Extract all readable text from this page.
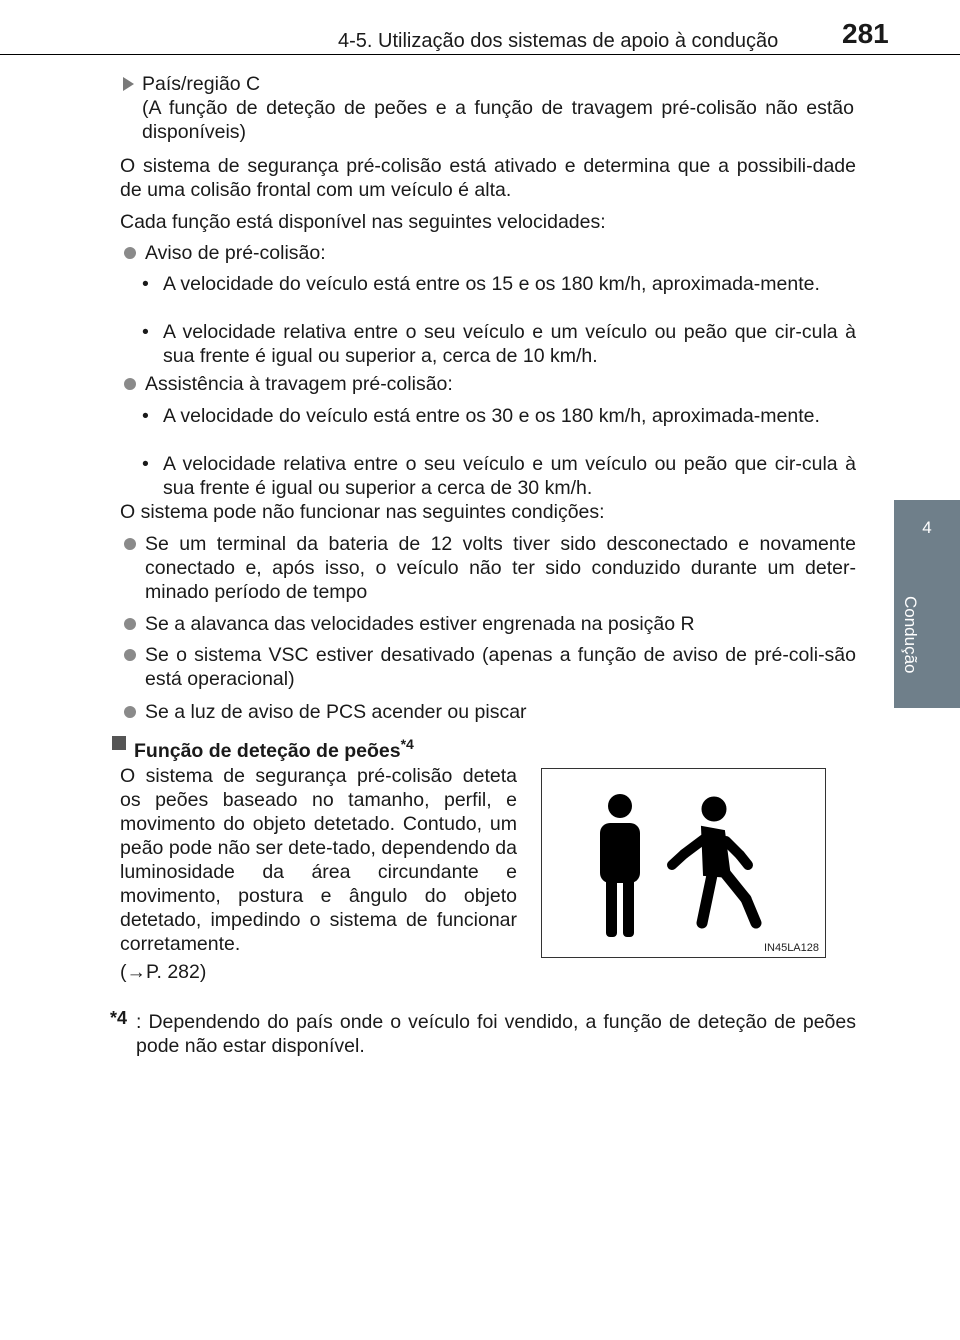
4-5. Utilização dos sistemas de apoio à condução 281
4
Condução
País/região C
(A função de deteção de peões e a função de travagem pré-colisão não estão disponíveis)
O sistema de segurança pré-colisão está ativado e determina que a possibili-dade de uma colisão frontal com um veículo é alta.
Cada função está disponível nas seguintes velocidades:
Aviso de pré-colisão:
• A velocidade do veículo está entre os 15 e os 180 km/h, aproximada-mente.
• A velocidade relativa entre o seu veículo e um veículo ou peão que cir-cula à sua frente é igual ou superior a, cerca de 10 km/h.
Assistência à travagem pré-colisão:
• A velocidade do veículo está entre os 30 e os 180 km/h, aproximada-mente.
• A velocidade relativa entre o seu veículo e um veículo ou peão que cir-cula à sua frente é igual ou superior a cerca de 30 km/h.
O sistema pode não funcionar nas seguintes condições:
Se um terminal da bateria de 12 volts tiver sido desconectado e novamente conectado e, após isso, o veículo não ter sido conduzido durante um deter-minado período de tempo
Se a alavanca das velocidades estiver engrenada na posição R
Se o sistema VSC estiver desativado (apenas a função de aviso de pré-coli-são está operacional)
Se a luz de aviso de PCS acender ou piscar
Função de deteção de peões$^{*4}$
O sistema de segurança pré-colisão deteta os peões baseado no tamanho, perfil, e movimento do objeto detetado. Contudo, um peão pode não ser dete-tado, dependendo da luminosidade da área circundante e movimento, postura e ângulo do objeto detetado, impedindo o sistema de funcionar corretamente.
(→P. 282)
*4 : Dependendo do país onde o veículo foi vendido, a função de deteção de peões pode não estar disponível.
IN45LA128
